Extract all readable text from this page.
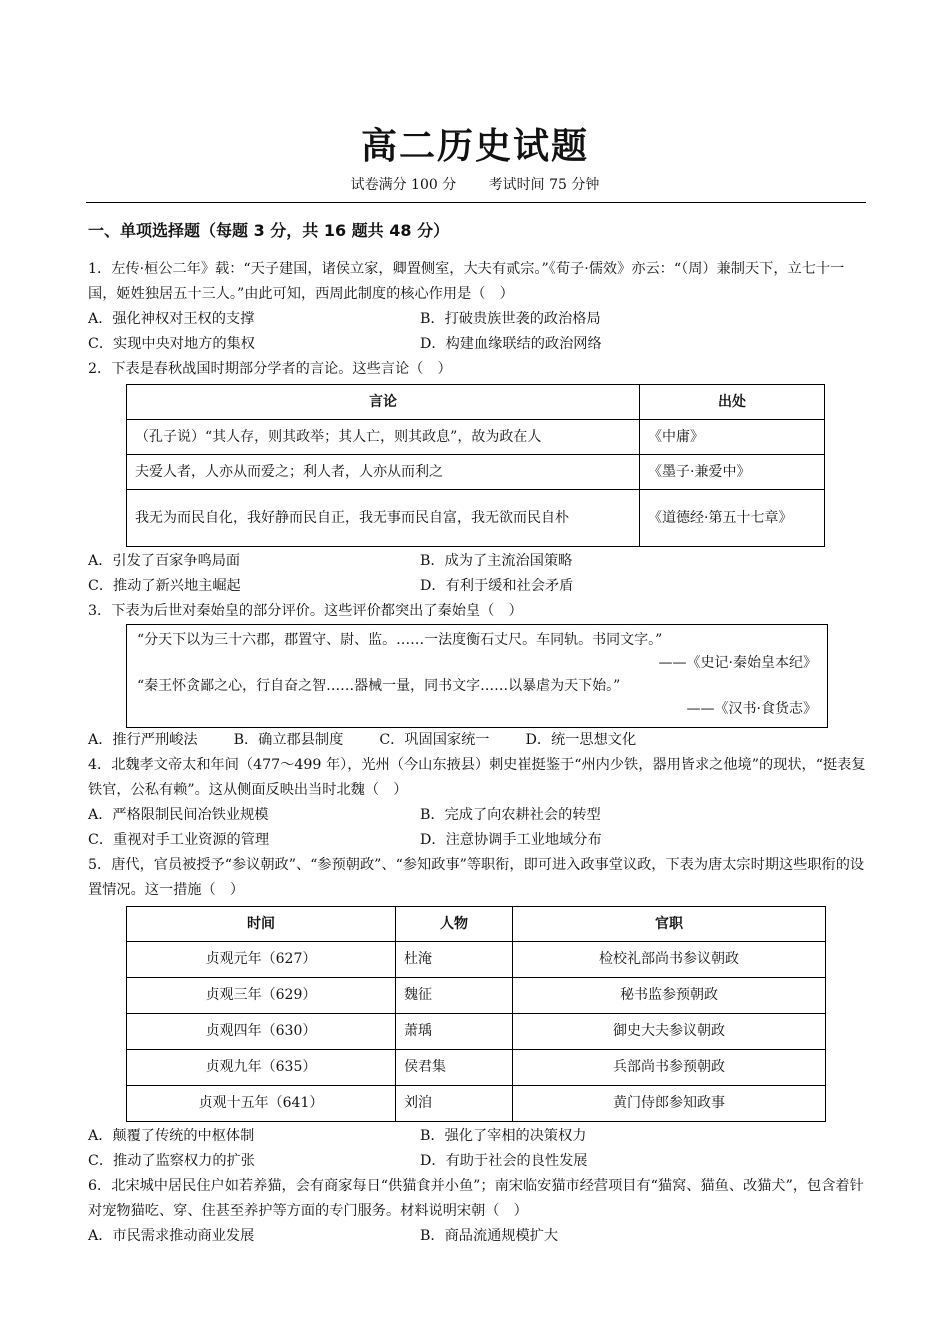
高二历史试题
试卷满分 100 分 考试时间 75 分钟
一、单项选择题（每题 3 分，共 16 题共 48 分）

1．左传·桓公二年》载：“天子建国，诸侯立家，卿置侧室，大夫有贰宗。”《荀子·儒效》亦云：“（周）兼制天下，立七十一国，姬姓独居五十三人。”由此可知，西周此制度的核心作用是（　）

A．强化神权对王权的支撑	B．打破贵族世袭的政治格局
C．实现中央对地方的集权	D．构建血缘联结的政治网络

2．下表是春秋战国时期部分学者的言论。这些言论（　）

言论	出处
（孔子说）“其人存，则其政举；其人亡，则其政息”，故为政在人	《中庸》
夫爱人者，人亦从而爱之；利人者，人亦从而利之	《墨子·兼爱中》
我无为而民自化，我好静而民自正，我无事而民自富，我无欲而民自朴	《道德经·第五十七章》
A．引发了百家争鸣局面	B．成为了主流治国策略
C．推动了新兴地主崛起	D．有利于缓和社会矛盾

3．下表为后世对秦始皇的部分评价。这些评价都突出了秦始皇（　）

“分天下以为三十六郡，郡置守、尉、监。……一法度衡石丈尺。车同轨。书同文字。”
——《史记·秦始皇本纪》
“秦王怀贪鄙之心，行自奋之智……器械一量，同书文字……以暴虐为天下始。”
——《汉书·食货志》
A．推行严刑峻法	B．确立郡县制度	C．巩固国家统一	D．统一思想文化

4．北魏孝文帝太和年间（477～499 年），光州（今山东掖县）刺史崔挺鉴于“州内少铁，器用皆求之他境”的现状，“挺表复铁官，公私有赖”。这从侧面反映出当时北魏（　）

A．严格限制民间冶铁业规模	B．完成了向农耕社会的转型
C．重视对手工业资源的管理	D．注意协调手工业地域分布

5．唐代，官员被授予“参议朝政”、“参预朝政”、“参知政事”等职衔，即可进入政事堂议政，下表为唐太宗时期这些职衔的设置情况。这一措施（　）

时间	人物	官职
贞观元年（627）	杜淹	检校礼部尚书参议朝政
贞观三年（629）	魏征	秘书监参预朝政
贞观四年（630）	萧瑀	御史大夫参议朝政
贞观九年（635）	侯君集	兵部尚书参预朝政
贞观十五年（641）	刘洎	黄门侍郎参知政事
A．颠覆了传统的中枢体制	B．强化了宰相的决策权力
C．推动了监察权力的扩张	D．有助于社会的良性发展

6．北宋城中居民住户如若养猫，会有商家每日“供猫食并小鱼”；南宋临安猫市经营项目有“猫窝、猫鱼、改猫犬”，包含着针对宠物猫吃、穿、住甚至养护等方面的专门服务。材料说明宋朝（　）

A．市民需求推动商业发展	B．商品流通规模扩大
